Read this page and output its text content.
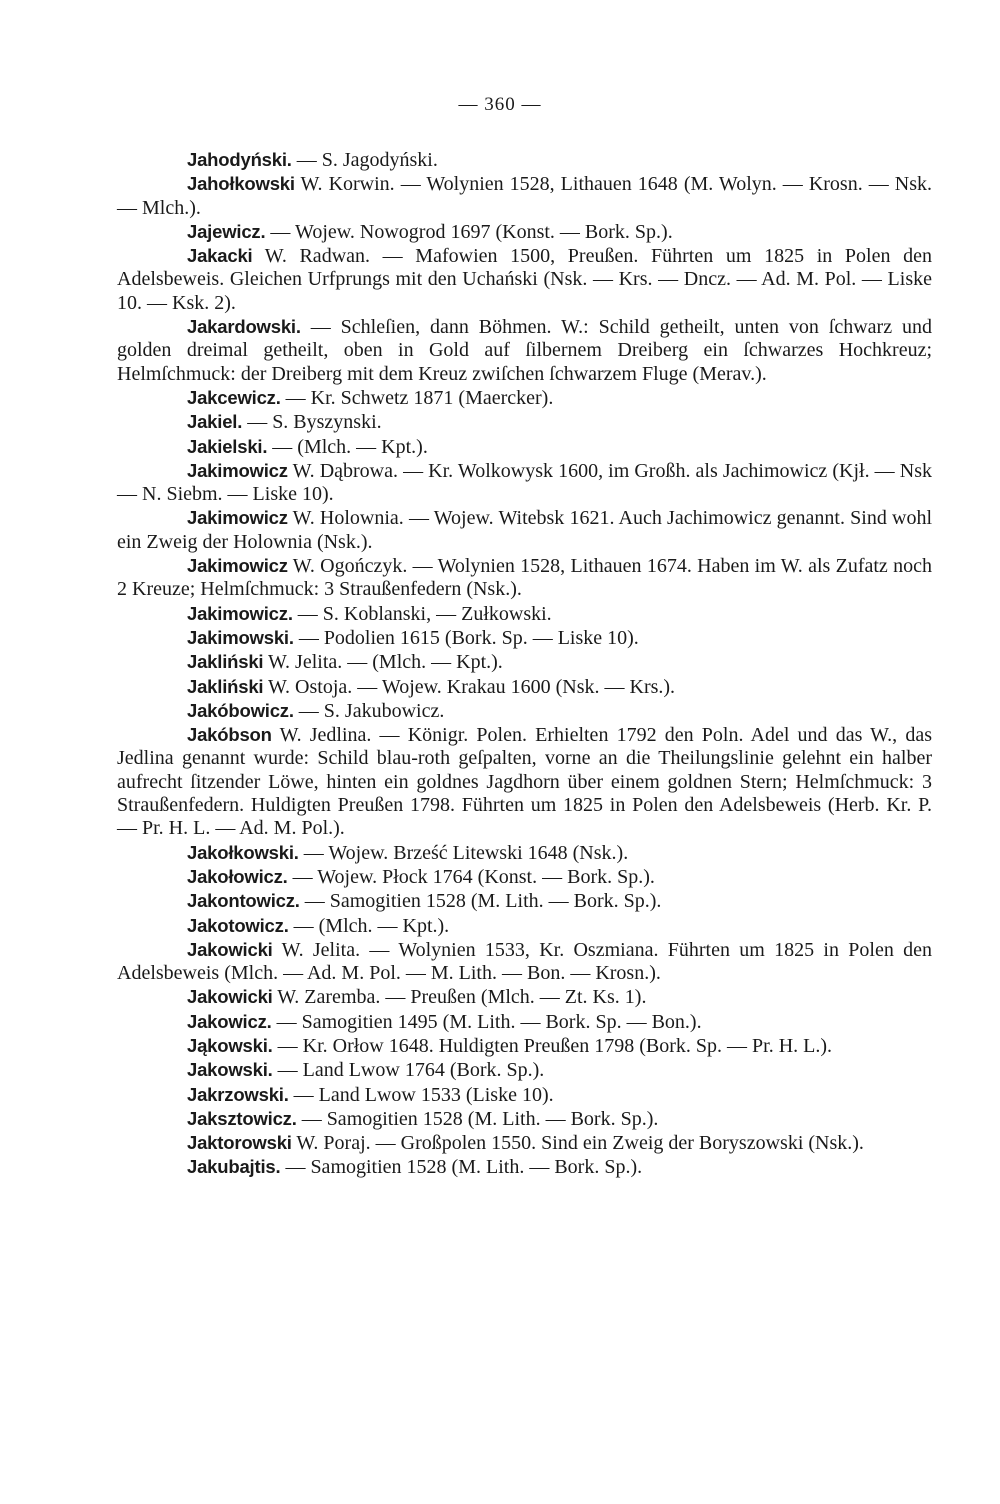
— 360 —
Jahodyński. — S. Jagodyński.
Jahołkowski W. Korwin. — Wolynien 1528, Lithauen 1648 (M. Wolyn. — Krosn. — Nsk. — Mlch.).
Jajewicz. — Wojew. Nowogrod 1697 (Konst. — Bork. Sp.).
Jakacki W. Radwan. — Mafowien 1500, Preußen. Führten um 1825 in Polen den Adelsbeweis. Gleichen Urfprungs mit den Uchański (Nsk. — Krs. — Dncz. — Ad. M. Pol. — Liske 10. — Ksk. 2).
Jakardowski. — Schleſien, dann Böhmen. W.: Schild getheilt, unten von ſchwarz und golden dreimal getheilt, oben in Gold auf ſilbernem Dreiberg ein ſchwarzes Hochkreuz; Helmſchmuck: der Dreiberg mit dem Kreuz zwiſchen ſchwarzem Fluge (Merav.).
Jakcewicz. — Kr. Schwetz 1871 (Maercker).
Jakiel. — S. Byszynski.
Jakielski. — (Mlch. — Kpt.).
Jakimowicz W. Dąbrowa. — Kr. Wolkowysk 1600, im Großh. als Jachimowicz (Kjł. — Nsk — N. Siebm. — Liske 10).
Jakimowicz W. Holownia. — Wojew. Witebsk 1621. Auch Jachimowicz genannt. Sind wohl ein Zweig der Holownia (Nsk.).
Jakimowicz W. Ogończyk. — Wolynien 1528, Lithauen 1674. Haben im W. als Zufatz noch 2 Kreuze; Helmſchmuck: 3 Straußenfedern (Nsk.).
Jakimowicz. — S. Koblanski, — Zułkowski.
Jakimowski. — Podolien 1615 (Bork. Sp. — Liske 10).
Jakliński W. Jelita. — (Mlch. — Kpt.).
Jakliński W. Ostoja. — Wojew. Krakau 1600 (Nsk. — Krs.).
Jakóbowicz. — S. Jakubowicz.
Jakóbson W. Jedlina. — Königr. Polen. Erhielten 1792 den Poln. Adel und das W., das Jedlina genannt wurde: Schild blau-roth geſpalten, vorne an die Theilungslinie gelehnt ein halber aufrecht ſitzender Löwe, hinten ein goldnes Jagdhorn über einem goldnen Stern; Helmſchmuck: 3 Straußenfedern. Huldigten Preußen 1798. Führten um 1825 in Polen den Adelsbeweis (Herb. Kr. P. — Pr. H. L. — Ad. M. Pol.).
Jakołkowski. — Wojew. Brześć Litewski 1648 (Nsk.).
Jakołowicz. — Wojew. Płock 1764 (Konst. — Bork. Sp.).
Jakontowicz. — Samogitien 1528 (M. Lith. — Bork. Sp.).
Jakotowicz. — (Mlch. — Kpt.).
Jakowicki W. Jelita. — Wolynien 1533, Kr. Oszmiana. Führten um 1825 in Polen den Adelsbeweis (Mlch. — Ad. M. Pol. — M. Lith. — Bon. — Krosn.).
Jakowicki W. Zaremba. — Preußen (Mlch. — Zt. Ks. 1).
Jakowicz. — Samogitien 1495 (M. Lith. — Bork. Sp. — Bon.).
Jąkowski. — Kr. Orłow 1648. Huldigten Preußen 1798 (Bork. Sp. — Pr. H. L.).
Jakowski. — Land Lwow 1764 (Bork. Sp.).
Jakrzowski. — Land Lwow 1533 (Liske 10).
Jaksztowicz. — Samogitien 1528 (M. Lith. — Bork. Sp.).
Jaktorowski W. Poraj. — Großpolen 1550. Sind ein Zweig der Boryszowski (Nsk.).
Jakubajtis. — Samogitien 1528 (M. Lith. — Bork. Sp.).
